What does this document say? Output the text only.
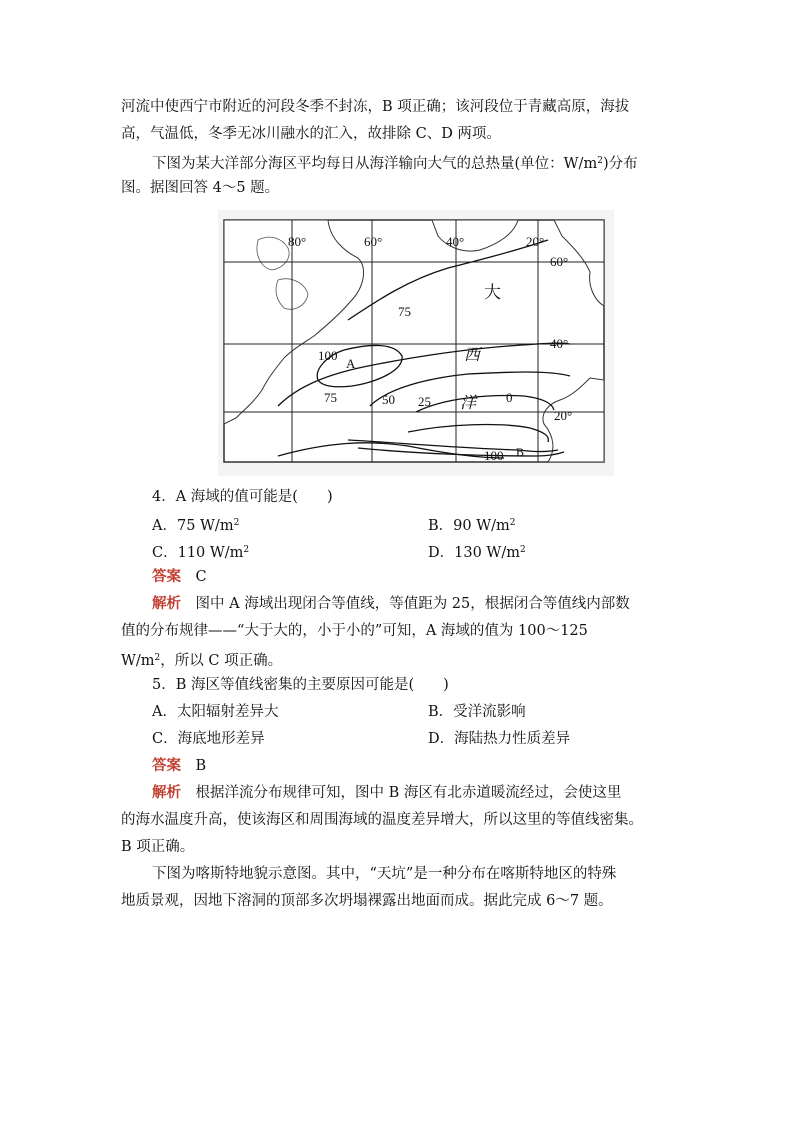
河流中使西宁市附近的河段冬季不封冻，B 项正确；该河段位于青藏高原，海拔
高，气温低，冬季无冰川融水的汇入，故排除 C、D 两项。
下图为某大洋部分海区平均每日从海洋输向大气的总热量(单位：$W/m^2$)分布
图。据图回答 4～5 题。
80°	60°	40°	20°
60°
40°
20°
大
西
洋
A
B
100
75
75	50 25	0
100
4．A 海域的值可能是(　　)
A．75 $W/m^2$	B．90 $W/m^2$
C．110 $W/m^2$	D．130 $W/m^2$
答案　 C
解析　 图中 A 海域出现闭合等值线，等值距为 25，根据闭合等值线内部数
值的分布规律——“大于大的，小于小的”可知，A 海域的值为 100～125
$W/m^2$，所以 C 项正确。
5．B 海区等值线密集的主要原因可能是(　　)
A．太阳辐射差异大	B．受洋流影响
C．海底地形差异	D．海陆热力性质差异
答案　 B
解析　 根据洋流分布规律可知，图中 B 海区有北赤道暖流经过，会使这里
的海水温度升高，使该海区和周围海域的温度差异增大，所以这里的等值线密集。
B 项正确。
下图为喀斯特地貌示意图。其中，“天坑”是一种分布在喀斯特地区的特殊
地质景观，因地下溶洞的顶部多次坍塌裸露出地面而成。据此完成 6～7 题。
